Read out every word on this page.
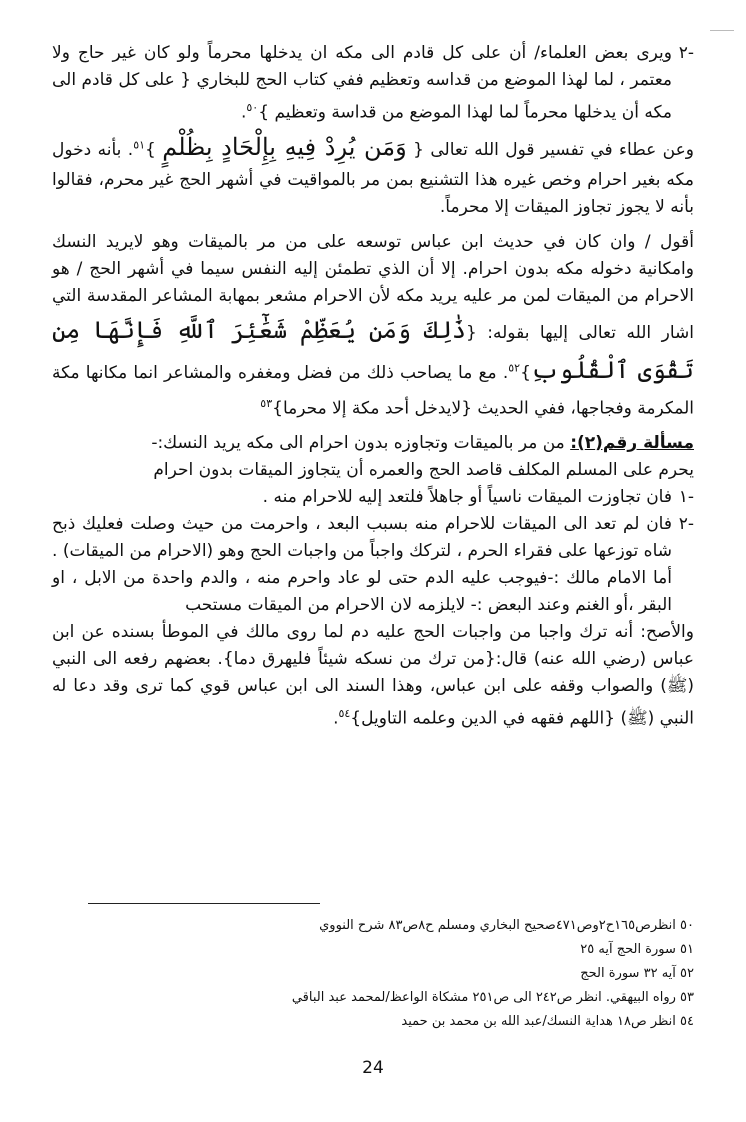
-٢
ويرى بعض العلماء/ أن على كل قادم الى مكه ان يدخلها محرماً ولو كان غير حاج ولا معتمر ، لما لهذا الموضع من قداسه وتعظيم ففي كتاب الحج للبخاري { على كل قادم الى مكه أن يدخلها محرماً لما لهذا الموضع من قداسة وتعظيم }$^{٥٠}$.

وعن عطاء في تفسير قول الله تعالى { وَمَن يُرِدْ فِيهِ بِإِلْحَادٍ بِظُلْمٍ }$^{٥١}$. بأنه دخول مكه بغير احرام وخص غيره هذا التشنيع بمن مر بالمواقيت في أشهر الحج غير محرم، فقالوا بأنه لا يجوز تجاوز الميقات إلا محرماً.

أقول / وان كان في حديث ابن عباس توسعه على من مر بالميقات وهو لايريد النسك وامكانية دخوله مكه بدون احرام. إلا أن الذي تطمئن إليه النفس سيما في أشهر الحج / هو الاحرام من الميقات لمن مر عليه يريد مكه لأن الاحرام مشعر بمهابة المشاعر المقدسة التي اشار الله تعالى إليها بقوله: {ذَٰلِكَ وَمَن يُعَظِّمْ شَعَٰٓئِرَ ٱللَّهِ فَإِنَّهَا مِن تَقْوَى ٱلْقُلُوبِ}$^{٥٢}$. مع ما يصاحب ذلك من فضل ومغفره والمشاعر انما مكانها مكة المكرمة وفجاجها، ففي الحديث {لايدخل أحد مكة إلا محرما}$^{٥٣}$

مسألة رقم(٢): من مر بالميقات وتجاوزه بدون احرام الى مكه يريد النسك:-

يحرم على المسلم المكلف قاصد الحج والعمره أن يتجاوز الميقات بدون احرام

-١
فان تجاوزت الميقات ناسياً أو جاهلاً فلتعد إليه للاحرام منه .
-٢
فان لم تعد الى الميقات للاحرام منه بسبب البعد ، واحرمت من حيث وصلت فعليك ذبح شاه توزعها على فقراء الحرم ، لتركك واجباً من واجبات الحج وهو (الاحرام من الميقات) . أما الامام مالك :-فيوجب عليه الدم حتى لو عاد واحرم منه ، والدم واحدة من الابل ، او البقر ،أو الغنم وعند البعض :- لايلزمه لان الاحرام من الميقات مستحب

والأصح: أنه ترك واجبا من واجبات الحج عليه دم لما روى مالك في الموطأ بسنده عن ابن عباس (رضي الله عنه) قال:{من ترك من نسكه شيئاً فليهرق دما}. بعضهم رفعه الى النبي (ﷺ) والصواب وقفه على ابن عباس، وهذا السند الى ابن عباس قوي كما ترى وقد دعا له النبي (ﷺ) {اللهم فقهه في الدين وعلمه التاويل}$^{٥٤}$.

٥٠ انظرص١٦٥ح٢وص٤٧١صحيح البخاري ومسلم ح٨ص٨٣ شرح النووي
٥١ سورة الحج آيه ٢٥
٥٢ آيه ٣٢ سورة الحج
٥٣ رواه البيهقي. انظر ص٢٤٢ الى ص٢٥١ مشكاة الواعظ/لمحمد عبد الباقي
٥٤ انظر ص١٨ هداية النسك/عبد الله بن محمد بن حميد
24
